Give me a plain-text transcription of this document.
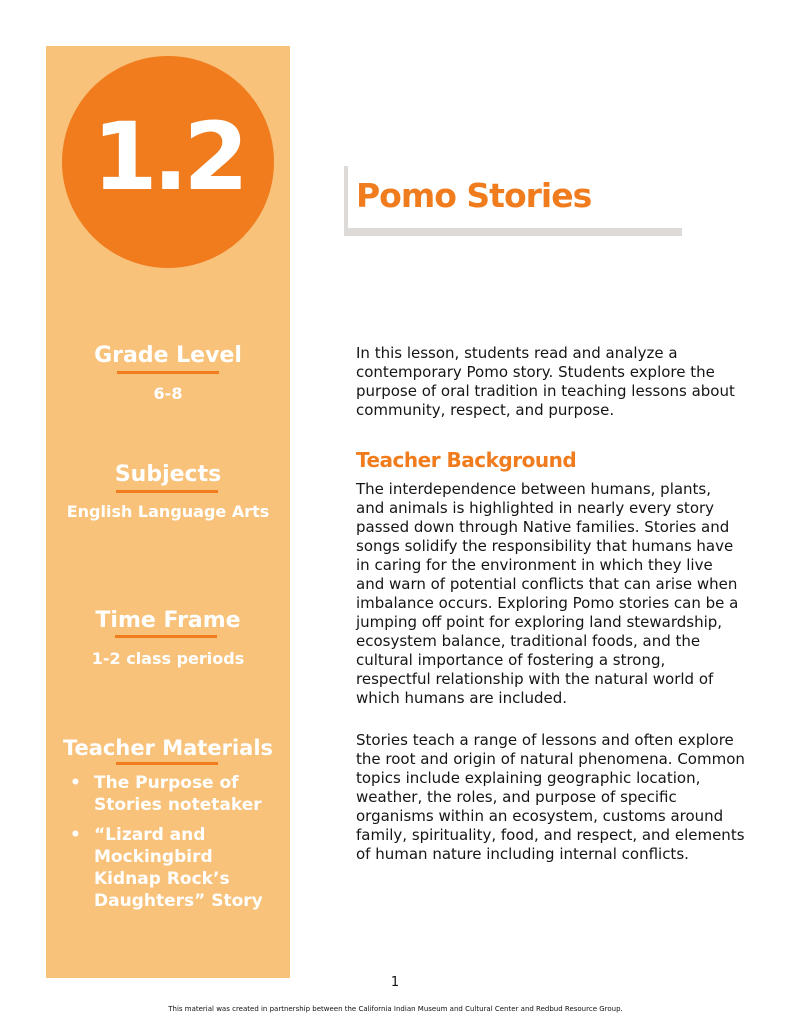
1.2
Grade Level
6-8
Subjects
English Language Arts
Time Frame
1-2 class periods
Teacher Materials
• The Purpose of Stories notetaker
• “Lizard and Mockingbird Kidnap Rock’s Daughters” Story
Pomo Stories
In this lesson, students read and analyze a contemporary Pomo story. Students explore the purpose of oral tradition in teaching lessons about community, respect, and purpose.
Teacher Background
The interdependence between humans, plants, and animals is highlighted in nearly every story passed down through Native families. Stories and songs solidify the responsibility that humans have in caring for the environment in which they live and warn of potential conflicts that can arise when imbalance occurs. Exploring Pomo stories can be a jumping off point for exploring land stewardship, ecosystem balance, traditional foods, and the cultural importance of fostering a strong, respectful relationship with the natural world of which humans are included.
Stories teach a range of lessons and often explore the root and origin of natural phenomena. Common topics include explaining geographic location, weather, the roles, and purpose of specific organisms within an ecosystem, customs around family, spirituality, food, and respect, and elements of human nature including internal conflicts.
1
This material was created in partnership between the California Indian Museum and Cultural Center and Redbud Resource Group.
